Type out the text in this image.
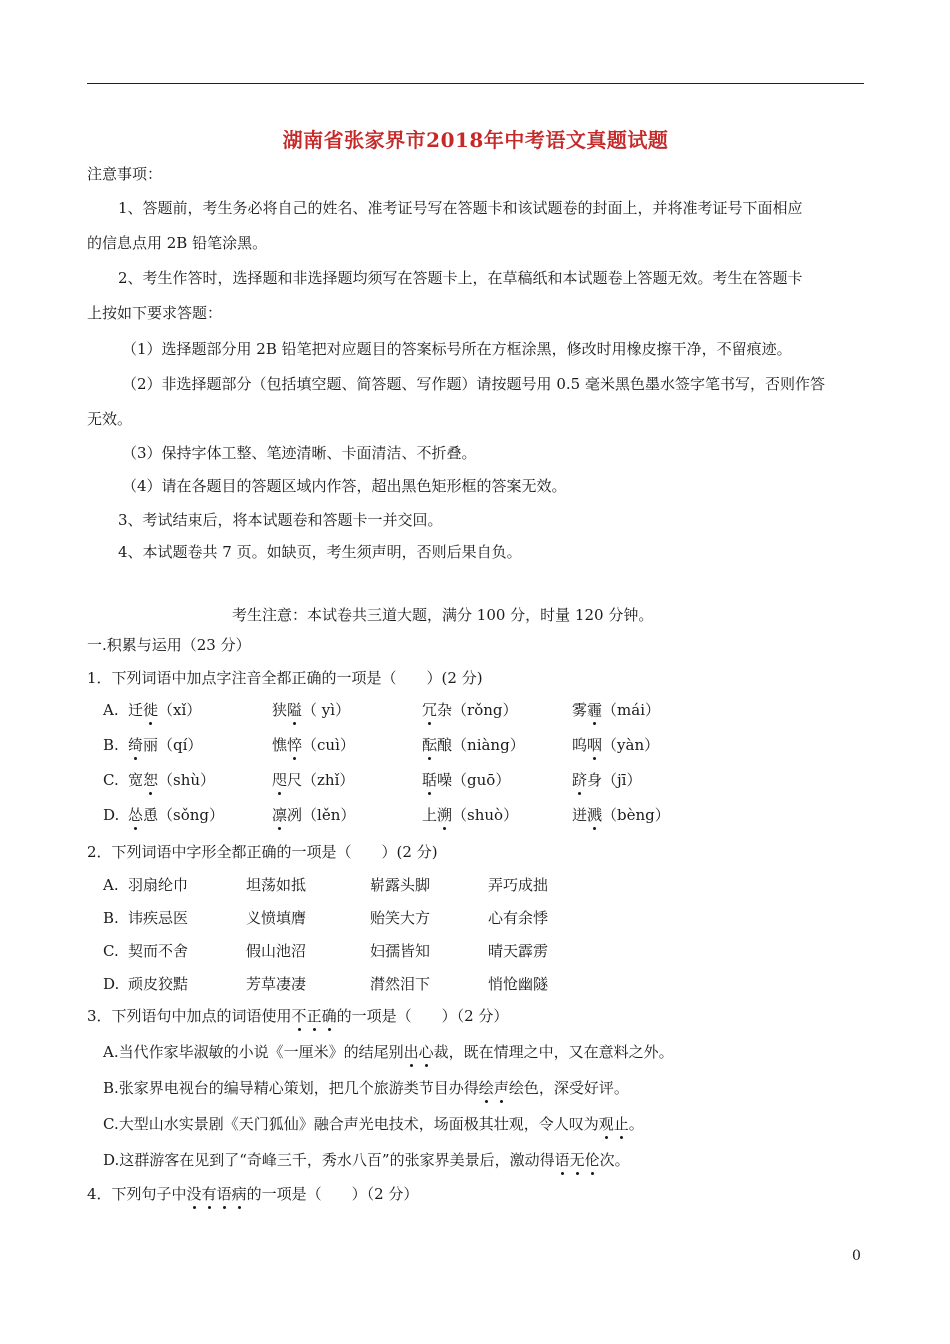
湖南省张家界市2018年中考语文真题试题
注意事项：
1、答题前，考生务必将自己的姓名、准考证号写在答题卡和该试题卷的封面上，并将准考证号下面相应
的信息点用 2B 铅笔涂黑。
2、考生作答时，选择题和非选择题均须写在答题卡上，在草稿纸和本试题卷上答题无效。考生在答题卡
上按如下要求答题：
（1）选择题部分用 2B 铅笔把对应题目的答案标号所在方框涂黑，修改时用橡皮擦干净，不留痕迹。
（2）非选择题部分（包括填空题、简答题、写作题）请按题号用 0.5 毫米黑色墨水签字笔书写，否则作答
无效。
（3）保持字体工整、笔迹清晰、卡面清洁、不折叠。
（4）请在各题目的答题区域内作答，超出黑色矩形框的答案无效。
3、考试结束后，将本试题卷和答题卡一并交回。
4、本试题卷共 7 页。如缺页，考生须声明，否则后果自负。
考生注意：本试卷共三道大题，满分 100 分，时量 120 分钟。
一.积累与运用（23 分）
1．下列词语中加点字注音全都正确的一项是（　　）(2 分)
A. 迁徙（xǐ）	狭隘（ yì）	冗杂（rǒng）	雾霾（mái）
B. 绮丽（qí）	憔悴（cuì）	酝酿（niàng）	呜咽（yàn）
C. 宽恕（shù）	咫尺（zhǐ）	聒噪（guō）	跻身（jī）
D. 怂恿（sǒng）	凛冽（lěn）	上溯（shuò）	迸溅（bèng）
2．下列词语中字形全都正确的一项是（　　）(2 分)
A. 羽扇纶巾	坦荡如抵	崭露头脚	弄巧成拙
B. 讳疾忌医	义愤填膺	贻笑大方	心有余悸
C. 契而不舍	假山池沼	妇孺皆知	晴天霹雳
D. 顽皮狡黠	芳草凄凄	潸然泪下	悄怆幽隧
3．下列语句中加点的词语使用不正确的一项是（　　）（2 分）
A.当代作家毕淑敏的小说《一厘米》的结尾别出心裁，既在情理之中，又在意料之外。
B.张家界电视台的编导精心策划，把几个旅游类节目办得绘声绘色，深受好评。
C.大型山水实景剧《天门狐仙》融合声光电技术，场面极其壮观，令人叹为观止。
D.这群游客在见到了“奇峰三千，秀水八百”的张家界美景后，激动得语无伦次。
4．下列句子中没有语病的一项是（　　）（2 分）
0
